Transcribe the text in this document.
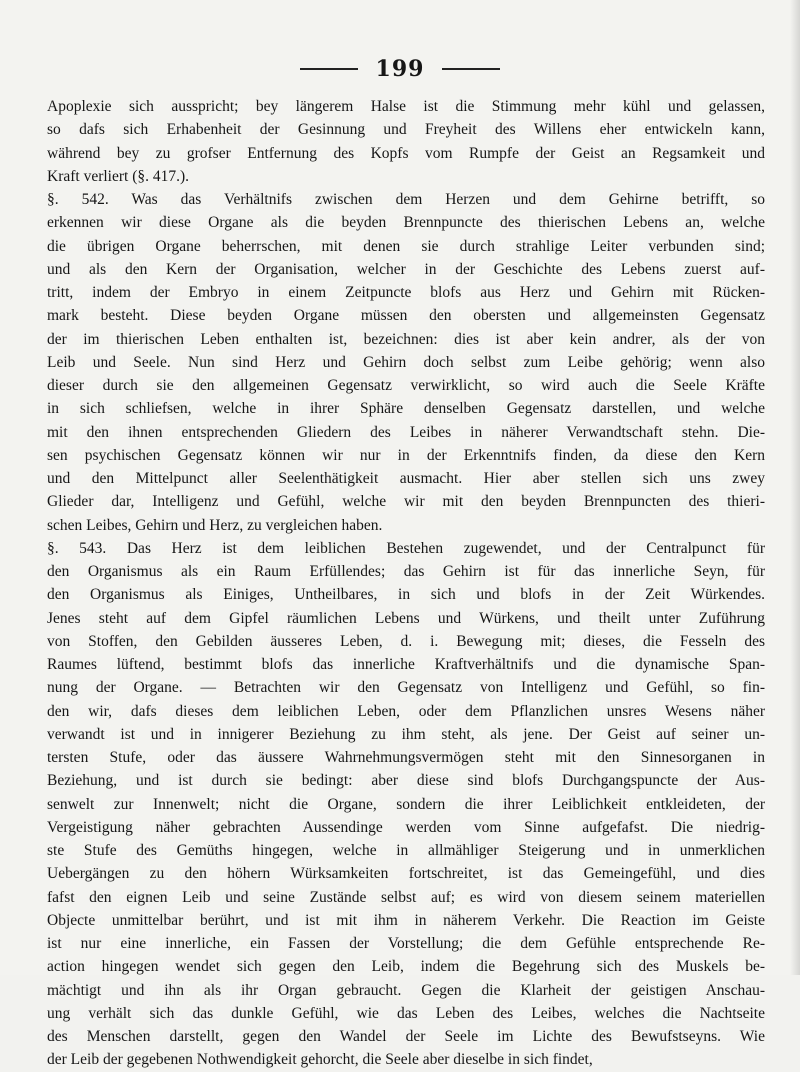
199
Apoplexie sich ausspricht; bey längerem Halse ist die Stimmung mehr kühl und gelassen,
so dafs sich Erhabenheit der Gesinnung und Freyheit des Willens eher entwickeln kann,
während bey zu grofser Entfernung des Kopfs vom Rumpfe der Geist an Regsamkeit und
Kraft verliert (§. 417.).
§. 542. Was das Verhältnifs zwischen dem Herzen und dem Gehirne betrifft, so
erkennen wir diese Organe als die beyden Brennpuncte des thierischen Lebens an, welche
die übrigen Organe beherrschen, mit denen sie durch strahlige Leiter verbunden sind;
und als den Kern der Organisation, welcher in der Geschichte des Lebens zuerst auf-
tritt, indem der Embryo in einem Zeitpuncte blofs aus Herz und Gehirn mit Rücken-
mark besteht. Diese beyden Organe müssen den obersten und allgemeinsten Gegensatz
der im thierischen Leben enthalten ist, bezeichnen: dies ist aber kein andrer, als der von
Leib und Seele. Nun sind Herz und Gehirn doch selbst zum Leibe gehörig; wenn also
dieser durch sie den allgemeinen Gegensatz verwirklicht, so wird auch die Seele Kräfte
in sich schliefsen, welche in ihrer Sphäre denselben Gegensatz darstellen, und welche
mit den ihnen entsprechenden Gliedern des Leibes in näherer Verwandtschaft stehn. Die-
sen psychischen Gegensatz können wir nur in der Erkenntnifs finden, da diese den Kern
und den Mittelpunct aller Seelenthätigkeit ausmacht. Hier aber stellen sich uns zwey
Glieder dar, Intelligenz und Gefühl, welche wir mit den beyden Brennpuncten des thieri-
schen Leibes, Gehirn und Herz, zu vergleichen haben.
§. 543. Das Herz ist dem leiblichen Bestehen zugewendet, und der Centralpunct für
den Organismus als ein Raum Erfüllendes; das Gehirn ist für das innerliche Seyn, für
den Organismus als Einiges, Untheilbares, in sich und blofs in der Zeit Würkendes.
Jenes steht auf dem Gipfel räumlichen Lebens und Würkens, und theilt unter Zuführung
von Stoffen, den Gebilden äusseres Leben, d. i. Bewegung mit; dieses, die Fesseln des
Raumes lüftend, bestimmt blofs das innerliche Kraftverhältnifs und die dynamische Span-
nung der Organe. — Betrachten wir den Gegensatz von Intelligenz und Gefühl, so fin-
den wir, dafs dieses dem leiblichen Leben, oder dem Pflanzlichen unsres Wesens näher
verwandt ist und in innigerer Beziehung zu ihm steht, als jene. Der Geist auf seiner un-
tersten Stufe, oder das äussere Wahrnehmungsvermögen steht mit den Sinnesorganen in
Beziehung, und ist durch sie bedingt: aber diese sind blofs Durchgangspuncte der Aus-
senwelt zur Innenwelt; nicht die Organe, sondern die ihrer Leiblichkeit entkleideten, der
Vergeistigung näher gebrachten Aussendinge werden vom Sinne aufgefafst. Die niedrig-
ste Stufe des Gemüths hingegen, welche in allmähliger Steigerung und in unmerklichen
Uebergängen zu den höhern Würksamkeiten fortschreitet, ist das Gemeingefühl, und dies
fafst den eignen Leib und seine Zustände selbst auf; es wird von diesem seinem materiellen
Objecte unmittelbar berührt, und ist mit ihm in näherem Verkehr. Die Reaction im Geiste
ist nur eine innerliche, ein Fassen der Vorstellung; die dem Gefühle entsprechende Re-
action hingegen wendet sich gegen den Leib, indem die Begehrung sich des Muskels be-
mächtigt und ihn als ihr Organ gebraucht. Gegen die Klarheit der geistigen Anschau-
ung verhält sich das dunkle Gefühl, wie das Leben des Leibes, welches die Nachtseite
des Menschen darstellt, gegen den Wandel der Seele im Lichte des Bewufstseyns. Wie
der Leib der gegebenen Nothwendigkeit gehorcht, die Seele aber dieselbe in sich findet,
